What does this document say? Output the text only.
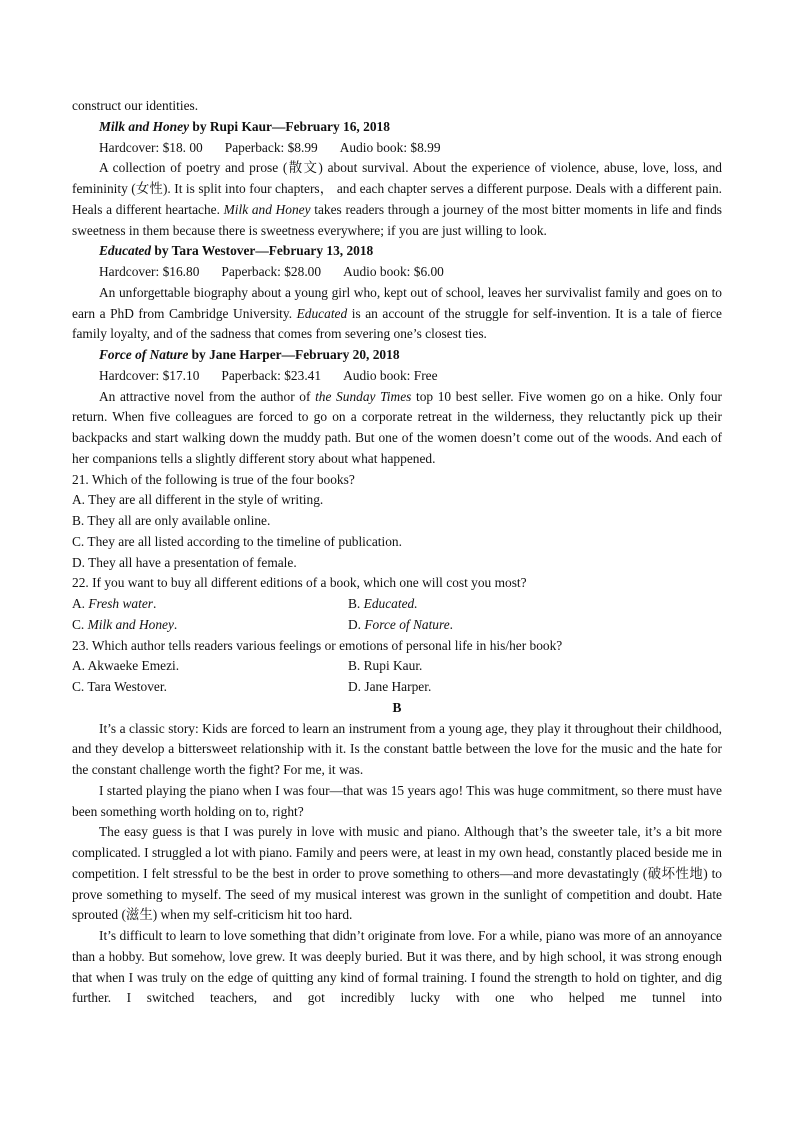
construct our identities.

Milk and Honey by Rupi Kaur—February 16, 2018

Hardcover: $18. 00 Paperback: $8.99 Audio book: $8.99

A collection of poetry and prose (散文) about survival. About the experience of violence, abuse, love, loss, and femininity (女性). It is split into four chapters， and each chapter serves a different purpose. Deals with a different pain. Heals a different heartache. Milk and Honey takes readers through a journey of the most bitter moments in life and finds sweetness in them because there is sweetness everywhere; if you are just willing to look.

Educated by Tara Westover—February 13, 2018

Hardcover: $16.80 Paperback: $28.00 Audio book: $6.00

An unforgettable biography about a young girl who, kept out of school, leaves her survivalist family and goes on to earn a PhD from Cambridge University. Educated is an account of the struggle for self-invention. It is a tale of fierce family loyalty, and of the sadness that comes from severing one’s closest ties.

Force of Nature by Jane Harper—February 20, 2018

Hardcover: $17.10 Paperback: $23.41 Audio book: Free

An attractive novel from the author of the Sunday Times top 10 best seller. Five women go on a hike. Only four return. When five colleagues are forced to go on a corporate retreat in the wilderness, they reluctantly pick up their backpacks and start walking down the muddy path. But one of the women doesn’t come out of the woods. And each of her companions tells a slightly different story about what happened.

21. Which of the following is true of the four books?

A. They are all different in the style of writing.

B. They all are only available online.

C. They are all listed according to the timeline of publication.

D. They all have a presentation of female.

22. If you want to buy all different editions of a book, which one will cost you most?

A. Fresh water.	B. Educated.
C. Milk and Honey.	D. Force of Nature.

23. Which author tells readers various feelings or emotions of personal life in his/her book?

A. Akwaeke Emezi.	B. Rupi Kaur.
C. Tara Westover.	D. Jane Harper.

B

It’s a classic story: Kids are forced to learn an instrument from a young age, they play it throughout their childhood, and they develop a bittersweet relationship with it. Is the constant battle between the love for the music and the hate for the constant challenge worth the fight? For me, it was.

I started playing the piano when I was four—that was 15 years ago! This was huge commitment, so there must have been something worth holding on to, right?

The easy guess is that I was purely in love with music and piano. Although that’s the sweeter tale, it’s a bit more complicated. I struggled a lot with piano. Family and peers were, at least in my own head, constantly placed beside me in competition. I felt stressful to be the best in order to prove something to others—and more devastatingly (破坏性地) to prove something to myself. The seed of my musical interest was grown in the sunlight of competition and doubt. Hate sprouted (滋生) when my self-criticism hit too hard.

It’s difficult to learn to love something that didn’t originate from love. For a while, piano was more of an annoyance than a hobby. But somehow, love grew. It was deeply buried. But it was there, and by high school, it was strong enough that when I was truly on the edge of quitting any kind of formal training. I found the strength to hold on tighter, and dig further. I switched teachers, and got incredibly lucky with one who helped me tunnel into
